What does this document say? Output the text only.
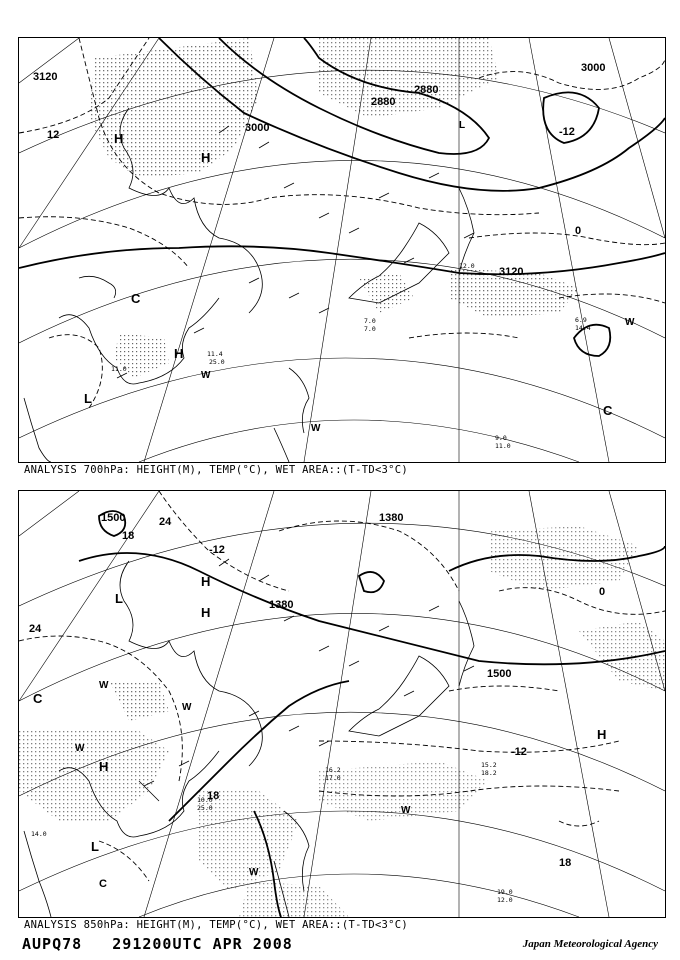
3120
12
3000
2880
2880
3000
-12
3120
0
H
H
C
H
L
W
W
C
W
L
11.4
25.0
9.0
11.0
6.9
14.4
12.0
7.0
7.0
11.0
ANALYSIS 700hPa: HEIGHT(M), TEMP(°C), WET AREA::(T-TD<3°C)
1500
18
24
-12
1380
1380
1500
24
-12
18
18
0
L
H
C
W
W
H
H
L
C
W
W
H
W
10.0
25.0
16.2
17.0
15.2
18.2
19.0
12.0
14.0
ANALYSIS 850hPa: HEIGHT(M), TEMP(°C), WET AREA::(T-TD<3°C)
AUPQ78 291200UTC APR 2008	Japan Meteorological Agency
